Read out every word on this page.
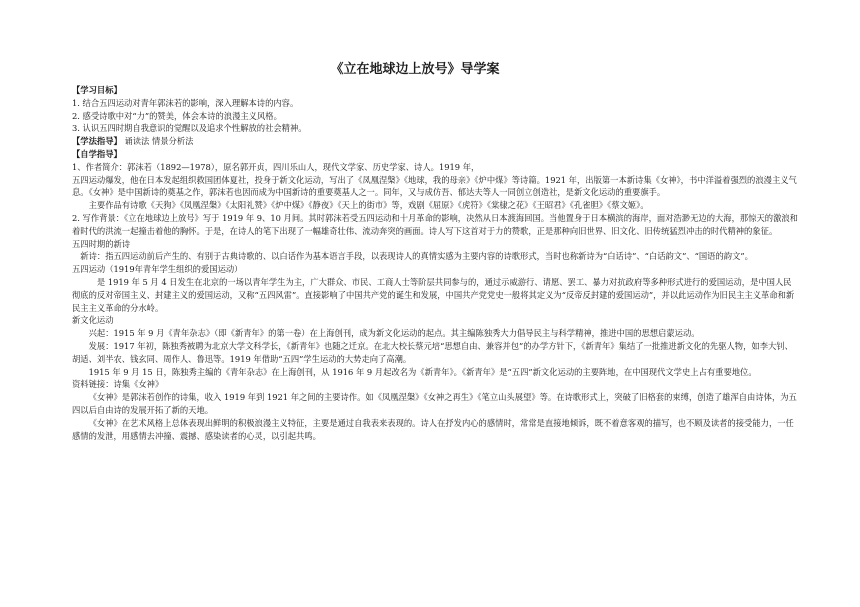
《立在地球边上放号》导学案
【学习目标】
1. 结合五四运动对青年郭沫若的影响，深入理解本诗的内容。
2. 感受诗歌中对“力”的赞美，体会本诗的浪漫主义风格。
3. 认识五四时期自我意识的觉醒以及追求个性解放的社会精神。
【学法指导】 诵读法 情景分析法
【自学指导】
1、作者简介：郭沫若（1892—1978），原名郭开贞，四川乐山人，现代文学家、历史学家、诗人。1919 年，
五四运动爆发，他在日本发起组织救国团体夏社，投身于新文化运动，写出了《凤凰涅槃》《地球，我的母亲》《炉中煤》等诗篇。1921 年，出版第一本新诗集《女神》，书中洋溢着强烈的浪漫主义气息。《女神》是中国新诗的奠基之作，郭沫若也因而成为中国新诗的重要奠基人之一。同年，又与成仿吾、郁达夫等人一同创立创造社，是新文化运动的重要旗手。
主要作品有诗歌《天狗》《凤凰涅槃》《太阳礼赞》《炉中煤》《静夜》《天上的街市》等，戏剧《屈原》《虎符》《棠棣之花》《王昭君》《孔雀胆》《蔡文姬》。
2. 写作背景：《立在地球边上放号》写于 1919 年 9、10 月间。其时郭沫若受五四运动和十月革命的影响，决然从日本渡海回国。当他置身于日本横滨的海岸，面对浩渺无边的大海，那惊天的激浪和着时代的洪流一起撞击着他的胸怀。于是，在诗人的笔下出现了一幅雄奇壮伟、流动奔突的画面。诗人写下这首对于力的赞歌，正是那种向旧世界、旧文化、旧传统猛烈冲击的时代精神的象征。
五四时期的新诗
新诗：指五四运动前后产生的、有别于古典诗歌的、以白话作为基本语言手段，以表现诗人的真情实感为主要内容的诗歌形式，当时也称新诗为“白话诗”、“白话韵文”、“国语的韵文”。
五四运动（1919年青年学生组织的爱国运动）
是 1919 年 5 月 4 日发生在北京的一场以青年学生为主，广大群众、市民、工商人士等阶层共同参与的，通过示威游行、请愿、罢工、暴力对抗政府等多种形式进行的爱国运动，是中国人民彻底的反对帝国主义、封建主义的爱国运动，又称“五四风雷”。直接影响了中国共产党的诞生和发展，中国共产党党史一般将其定义为“反帝反封建的爱国运动”，并以此运动作为旧民主主义革命和新民主主义革命的分水岭。
新文化运动
兴起：1915 年 9 月《青年杂志》（即《新青年》的第一卷）在上海创刊，成为新文化运动的起点。其主编陈独秀大力倡导民主与科学精神，推进中国的思想启蒙运动。
发展：1917 年初，陈独秀被聘为北京大学文科学长，《新青年》也随之迁京。在北大校长蔡元培“思想自由、兼容并包”的办学方针下，《新青年》集结了一批推进新文化的先驱人物，如李大钊、胡适、刘半农、钱玄同、周作人、鲁迅等。1919 年借助“五四”学生运动的大势走向了高潮。
1915 年 9 月 15 日，陈独秀主编的《青年杂志》在上海创刊，从 1916 年 9 月起改名为《新青年》。《新青年》是“五四”新文化运动的主要阵地，在中国现代文学史上占有重要地位。
资料链接：诗集《女神》
《女神》是郭沫若创作的诗集，收入 1919 年到 1921 年之间的主要诗作。如《凤凰涅槃》《女神之再生》《笔立山头展望》等。在诗歌形式上，突破了旧格套的束缚，创造了雄浑自由诗体，为五四以后自由诗的发展开拓了新的天地。
《女神》在艺术风格上总体表现出鲜明的积极浪漫主义特征，主要是通过自我表来表现的。诗人在抒发内心的感情时，常常是直接地倾诉，既不着意客观的描写，也不顾及读者的接受能力，一任感情的发泄，用感情去冲撞、震撼、感染读者的心灵，以引起共鸣。
